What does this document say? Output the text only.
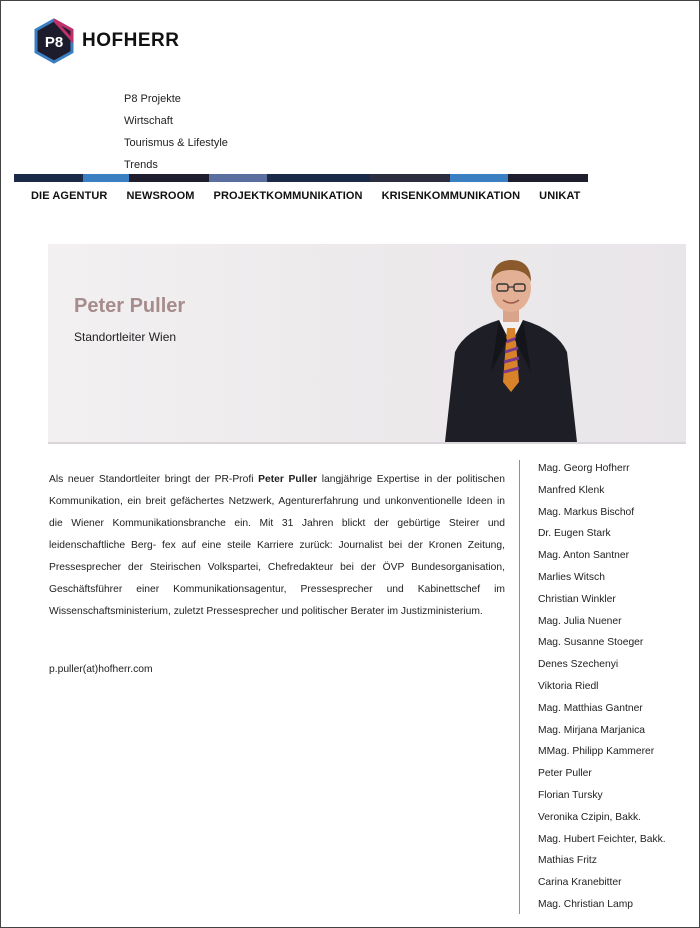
P8 HOFHERR
P8 Projekte
Wirtschaft
Tourismus & Lifestyle
Trends
DIE AGENTUR NEWSROOM PROJEKTKOMMUNIKATION KRISENKOMMUNIKATION UNIKAT
Peter Puller
Standortleiter Wien
Als neuer Standortleiter bringt der PR-Profi Peter Puller langjährige Expertise in der politischen Kommunikation, ein breit gefächertes Netzwerk, Agenturerfahrung und unkonventionelle Ideen in die Wiener Kommunikationsbranche ein. Mit 31 Jahren blickt der gebürtige Steirer und leidenschaftliche Berg- fex auf eine steile Karriere zurück: Journalist bei der Kronen Zeitung, Pressesprecher der Steirischen Volkspartei, Chefredakteur bei der ÖVP Bundesorganisation, Geschäftsführer einer Kommunikationsagentur, Pressesprecher und Kabinettschef im Wissenschaftsministerium, zuletzt Pressesprecher und politischer Berater im Justizministerium.
p.puller(at)hofherr.com
Mag. Georg Hofherr
Manfred Klenk
Mag. Markus Bischof
Dr. Eugen Stark
Mag. Anton Santner
Marlies Witsch
Christian Winkler
Mag. Julia Nuener
Mag. Susanne Stoeger
Denes Szechenyi
Viktoria Riedl
Mag. Matthias Gantner
Mag. Mirjana Marjanica
MMag. Philipp Kammerer
Peter Puller
Florian Tursky
Veronika Czipin, Bakk.
Mag. Hubert Feichter, Bakk.
Mathias Fritz
Carina Kranebitter
Mag. Christian Lamp
